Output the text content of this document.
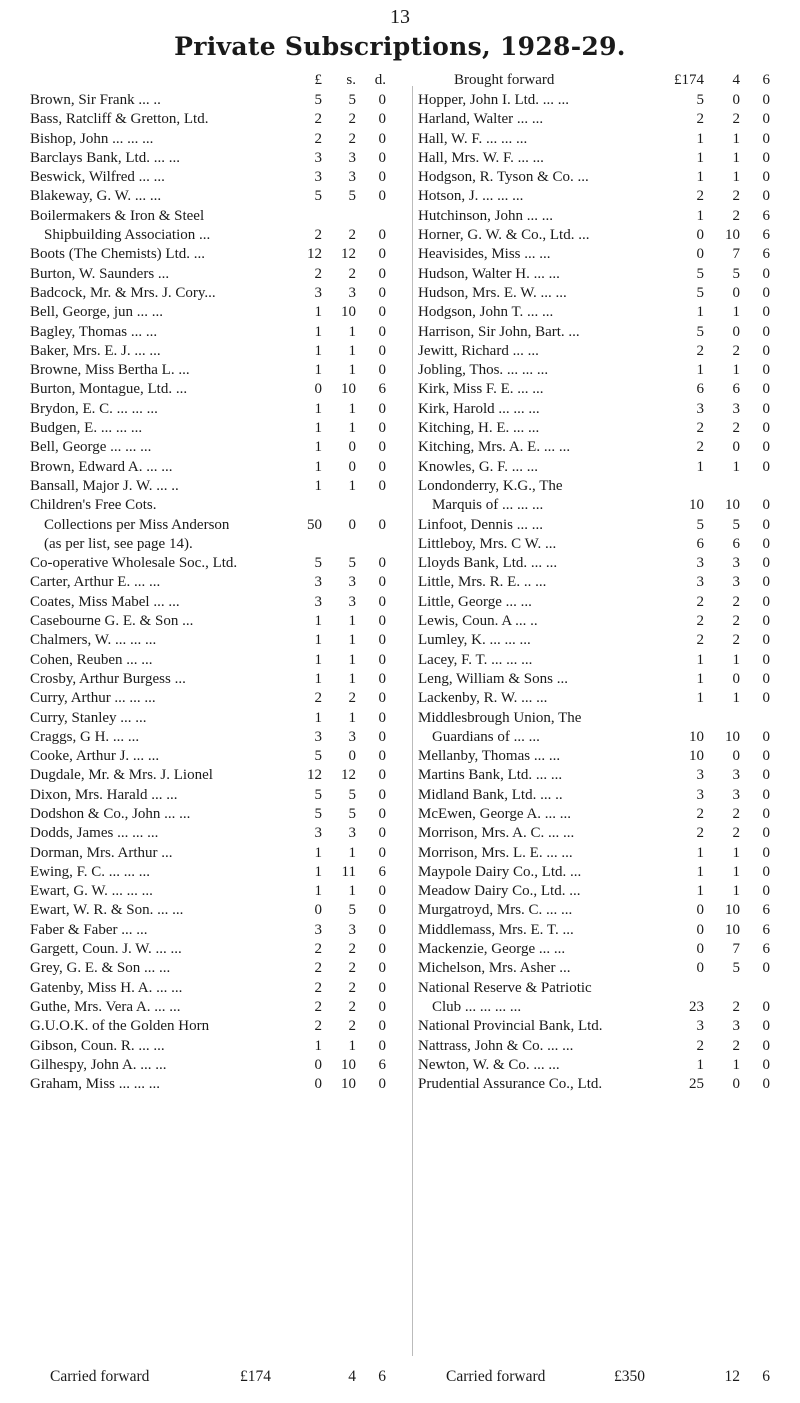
13
Private Subscriptions, 1928-29.
£	s.	d.
Brown, Sir Frank ... ..	5	5	0
Bass, Ratcliff & Gretton, Ltd.	2	2	0
Bishop, John ... ... ...	2	2	0
Barclays Bank, Ltd. ... ...	3	3	0
Beswick, Wilfred ... ...	3	3	0
Blakeway, G. W. ... ...	5	5	0
Boilermakers & Iron & Steel
Shipbuilding Association ...	2	2	0
Boots (The Chemists) Ltd. ...	12	12	0
Burton, W. Saunders ...	2	2	0
Badcock, Mr. & Mrs. J. Cory...	3	3	0
Bell, George, jun ... ...	1	10	0
Bagley, Thomas ... ...	1	1	0
Baker, Mrs. E. J. ... ...	1	1	0
Browne, Miss Bertha L. ...	1	1	0
Burton, Montague, Ltd. ...	0	10	6
Brydon, E. C. ... ... ...	1	1	0
Budgen, E. ... ... ...	1	1	0
Bell, George ... ... ...	1	0	0
Brown, Edward A. ... ...	1	0	0
Bansall, Major J. W. ... ..	1	1	0
Children's Free Cots.
Collections per Miss Anderson	50	0	0
(as per list, see page 14).
Co-operative Wholesale Soc., Ltd.	5	5	0
Carter, Arthur E. ... ...	3	3	0
Coates, Miss Mabel ... ...	3	3	0
Casebourne G. E. & Son ...	1	1	0
Chalmers, W. ... ... ...	1	1	0
Cohen, Reuben ... ...	1	1	0
Crosby, Arthur Burgess ...	1	1	0
Curry, Arthur ... ... ...	2	2	0
Curry, Stanley ... ...	1	1	0
Craggs, G H. ... ...	3	3	0
Cooke, Arthur J. ... ...	5	0	0
Dugdale, Mr. & Mrs. J. Lionel	12	12	0
Dixon, Mrs. Harald ... ...	5	5	0
Dodshon & Co., John ... ...	5	5	0
Dodds, James ... ... ...	3	3	0
Dorman, Mrs. Arthur ...	1	1	0
Ewing, F. C. ... ... ...	1	11	6
Ewart, G. W. ... ... ...	1	1	0
Ewart, W. R. & Son. ... ...	0	5	0
Faber & Faber ... ...	3	3	0
Gargett, Coun. J. W. ... ...	2	2	0
Grey, G. E. & Son ... ...	2	2	0
Gatenby, Miss H. A. ... ...	2	2	0
Guthe, Mrs. Vera A. ... ...	2	2	0
G.U.O.K. of the Golden Horn	2	2	0
Gibson, Coun. R. ... ...	1	1	0
Gilhespy, John A. ... ...	0	10	6
Graham, Miss ... ... ...	0	10	0
Brought forward	£174	4	6
Hopper, John I. Ltd. ... ...	5	0	0
Harland, Walter ... ...	2	2	0
Hall, W. F. ... ... ...	1	1	0
Hall, Mrs. W. F. ... ...	1	1	0
Hodgson, R. Tyson & Co. ...	1	1	0
Hotson, J. ... ... ...	2	2	0
Hutchinson, John ... ...	1	2	6
Horner, G. W. & Co., Ltd. ...	0	10	6
Heavisides, Miss ... ...	0	7	6
Hudson, Walter H. ... ...	5	5	0
Hudson, Mrs. E. W. ... ...	5	0	0
Hodgson, John T. ... ...	1	1	0
Harrison, Sir John, Bart. ...	5	0	0
Jewitt, Richard ... ...	2	2	0
Jobling, Thos. ... ... ...	1	1	0
Kirk, Miss F. E. ... ...	6	6	0
Kirk, Harold ... ... ...	3	3	0
Kitching, H. E. ... ...	2	2	0
Kitching, Mrs. A. E. ... ...	2	0	0
Knowles, G. F. ... ...	1	1	0
Londonderry, K.G., The
Marquis of ... ... ...	10	10	0
Linfoot, Dennis ... ...	5	5	0
Littleboy, Mrs. C W. ...	6	6	0
Lloyds Bank, Ltd. ... ...	3	3	0
Little, Mrs. R. E. .. ...	3	3	0
Little, George ... ...	2	2	0
Lewis, Coun. A ... ..	2	2	0
Lumley, K. ... ... ...	2	2	0
Lacey, F. T. ... ... ...	1	1	0
Leng, William & Sons ...	1	0	0
Lackenby, R. W. ... ...	1	1	0
Middlesbrough Union, The
Guardians of ... ...	10	10	0
Mellanby, Thomas ... ...	10	0	0
Martins Bank, Ltd. ... ...	3	3	0
Midland Bank, Ltd. ... ..	3	3	0
McEwen, George A. ... ...	2	2	0
Morrison, Mrs. A. C. ... ...	2	2	0
Morrison, Mrs. L. E. ... ...	1	1	0
Maypole Dairy Co., Ltd. ...	1	1	0
Meadow Dairy Co., Ltd. ...	1	1	0
Murgatroyd, Mrs. C. ... ...	0	10	6
Middlemass, Mrs. E. T. ...	0	10	6
Mackenzie, George ... ...	0	7	6
Michelson, Mrs. Asher ...	0	5	0
National Reserve & Patriotic
Club ... ... ... ...	23	2	0
National Provincial Bank, Ltd.	3	3	0
Nattrass, John & Co. ... ...	2	2	0
Newton, W. & Co. ... ...	1	1	0
Prudential Assurance Co., Ltd.	25	0	0
Carried forward	£174	4	6	Carried forward	£350	12	6
